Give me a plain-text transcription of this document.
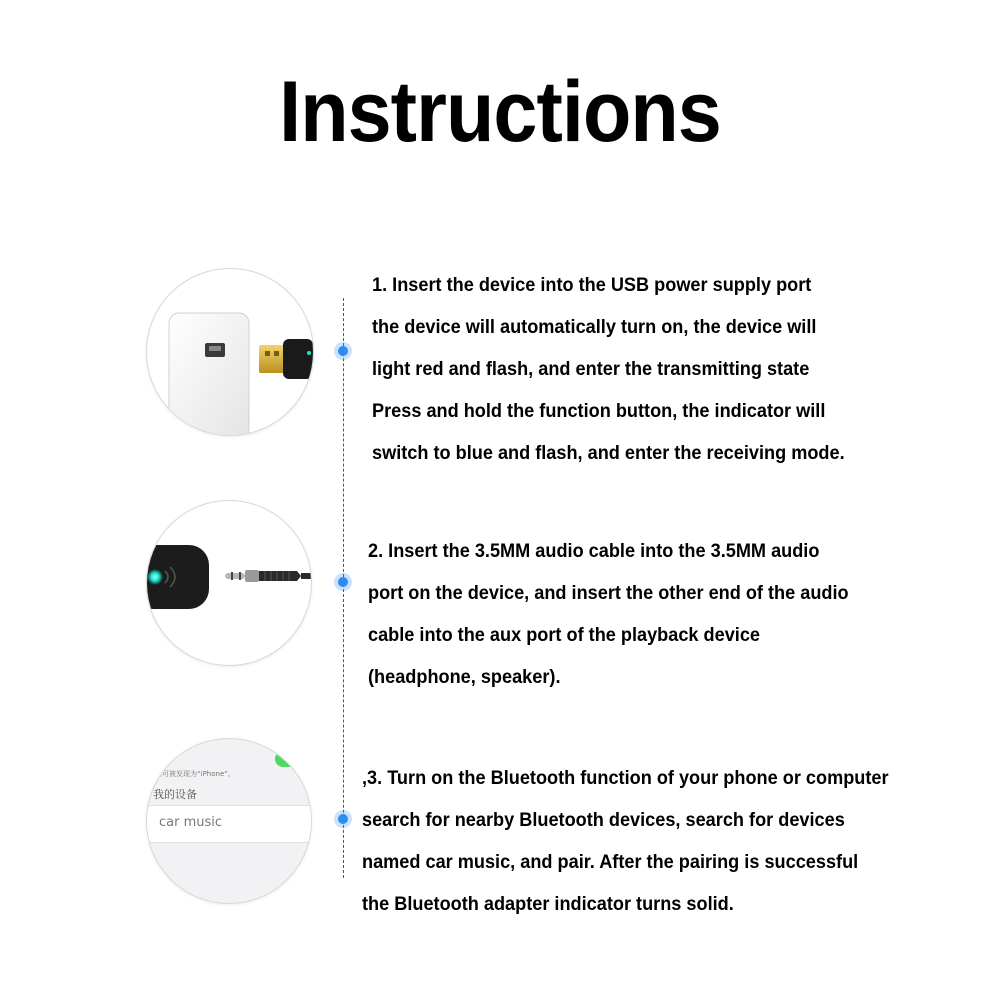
Instructions
已可被发现为“iPhone”。
我的设备
car music
1. Insert the device into the USB power supply port
the device will automatically turn on, the device will
light red and flash, and enter the transmitting state
Press and hold the function button, the indicator will
switch to blue and flash, and enter the receiving mode.
2. Insert the 3.5MM audio cable into the 3.5MM audio
port on the device, and insert the other end of the audio
cable into the aux port of the playback device
(headphone, speaker).
,3. Turn on the Bluetooth function of your phone or computer
search for nearby Bluetooth devices, search for devices
named car music, and pair. After the pairing is successful
the Bluetooth adapter indicator turns solid.
